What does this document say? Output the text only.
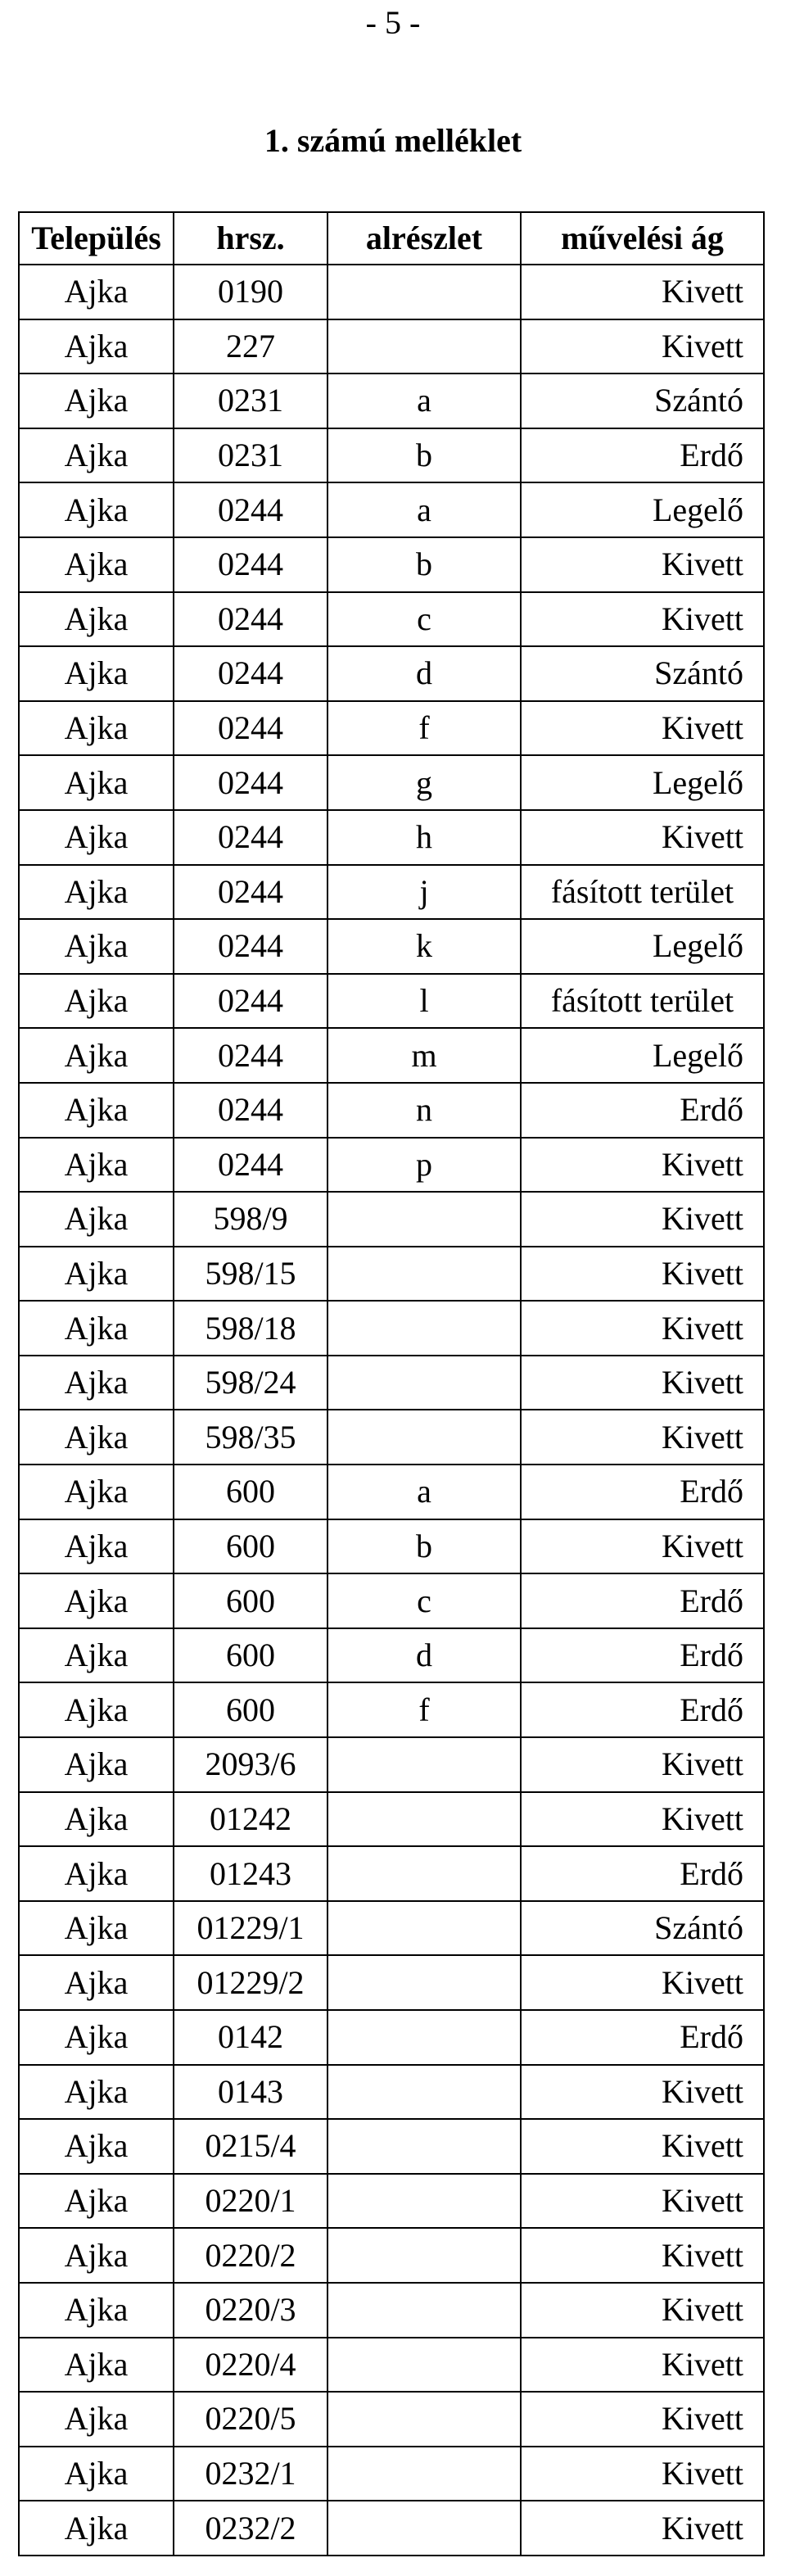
- 5 -
1. számú melléklet
Település	hrsz.	alrészlet	művelési ág
Ajka	0190		Kivett
Ajka	227		Kivett
Ajka	0231	a	Szántó
Ajka	0231	b	Erdő
Ajka	0244	a	Legelő
Ajka	0244	b	Kivett
Ajka	0244	c	Kivett
Ajka	0244	d	Szántó
Ajka	0244	f	Kivett
Ajka	0244	g	Legelő
Ajka	0244	h	Kivett
Ajka	0244	j	fásított terület
Ajka	0244	k	Legelő
Ajka	0244	l	fásított terület
Ajka	0244	m	Legelő
Ajka	0244	n	Erdő
Ajka	0244	p	Kivett
Ajka	598/9		Kivett
Ajka	598/15		Kivett
Ajka	598/18		Kivett
Ajka	598/24		Kivett
Ajka	598/35		Kivett
Ajka	600	a	Erdő
Ajka	600	b	Kivett
Ajka	600	c	Erdő
Ajka	600	d	Erdő
Ajka	600	f	Erdő
Ajka	2093/6		Kivett
Ajka	01242		Kivett
Ajka	01243		Erdő
Ajka	01229/1		Szántó
Ajka	01229/2		Kivett
Ajka	0142		Erdő
Ajka	0143		Kivett
Ajka	0215/4		Kivett
Ajka	0220/1		Kivett
Ajka	0220/2		Kivett
Ajka	0220/3		Kivett
Ajka	0220/4		Kivett
Ajka	0220/5		Kivett
Ajka	0232/1		Kivett
Ajka	0232/2		Kivett
